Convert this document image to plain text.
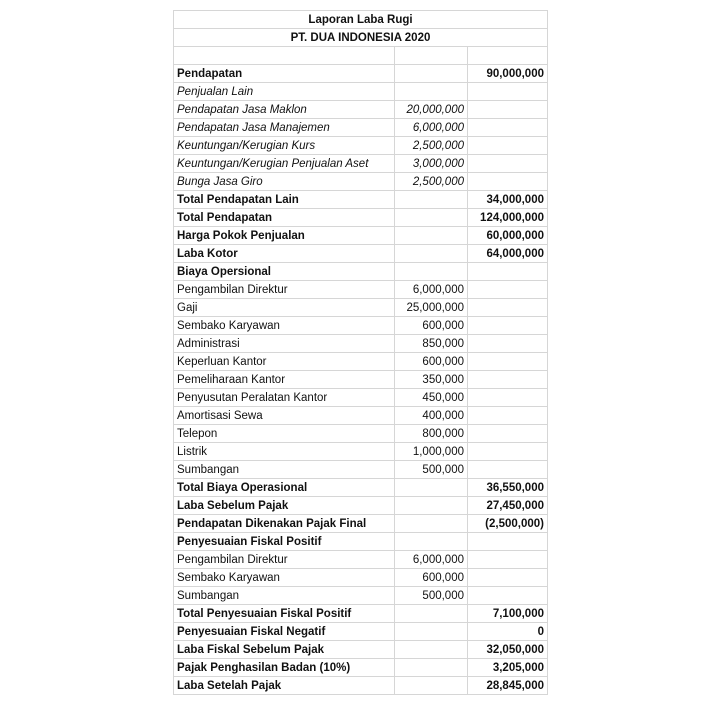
Laporan Laba Rugi		
PT. DUA INDONESIA 2020		

Pendapatan		90,000,000
Penjualan Lain		
Pendapatan Jasa Maklon	20,000,000	
Pendapatan Jasa Manajemen	6,000,000	
Keuntungan/Kerugian Kurs	2,500,000	
Keuntungan/Kerugian Penjualan Aset	3,000,000	
Bunga Jasa Giro	2,500,000	
Total Pendapatan Lain		34,000,000
Total Pendapatan		124,000,000
Harga Pokok Penjualan		60,000,000
Laba Kotor		64,000,000
Biaya Opersional		
Pengambilan Direktur	6,000,000	
Gaji	25,000,000	
Sembako Karyawan	600,000	
Administrasi	850,000	
Keperluan Kantor	600,000	
Pemeliharaan Kantor	350,000	
Penyusutan Peralatan Kantor	450,000	
Amortisasi Sewa	400,000	
Telepon	800,000	
Listrik	1,000,000	
Sumbangan	500,000	
Total Biaya Operasional		36,550,000
Laba Sebelum Pajak		27,450,000
Pendapatan Dikenakan Pajak Final		(2,500,000)
Penyesuaian Fiskal Positif		
Pengambilan Direktur	6,000,000	
Sembako Karyawan	600,000	
Sumbangan	500,000	
Total Penyesuaian Fiskal Positif		7,100,000
Penyesuaian Fiskal Negatif		0
Laba Fiskal Sebelum Pajak		32,050,000
Pajak Penghasilan Badan (10%)		3,205,000
Laba Setelah Pajak		28,845,000
